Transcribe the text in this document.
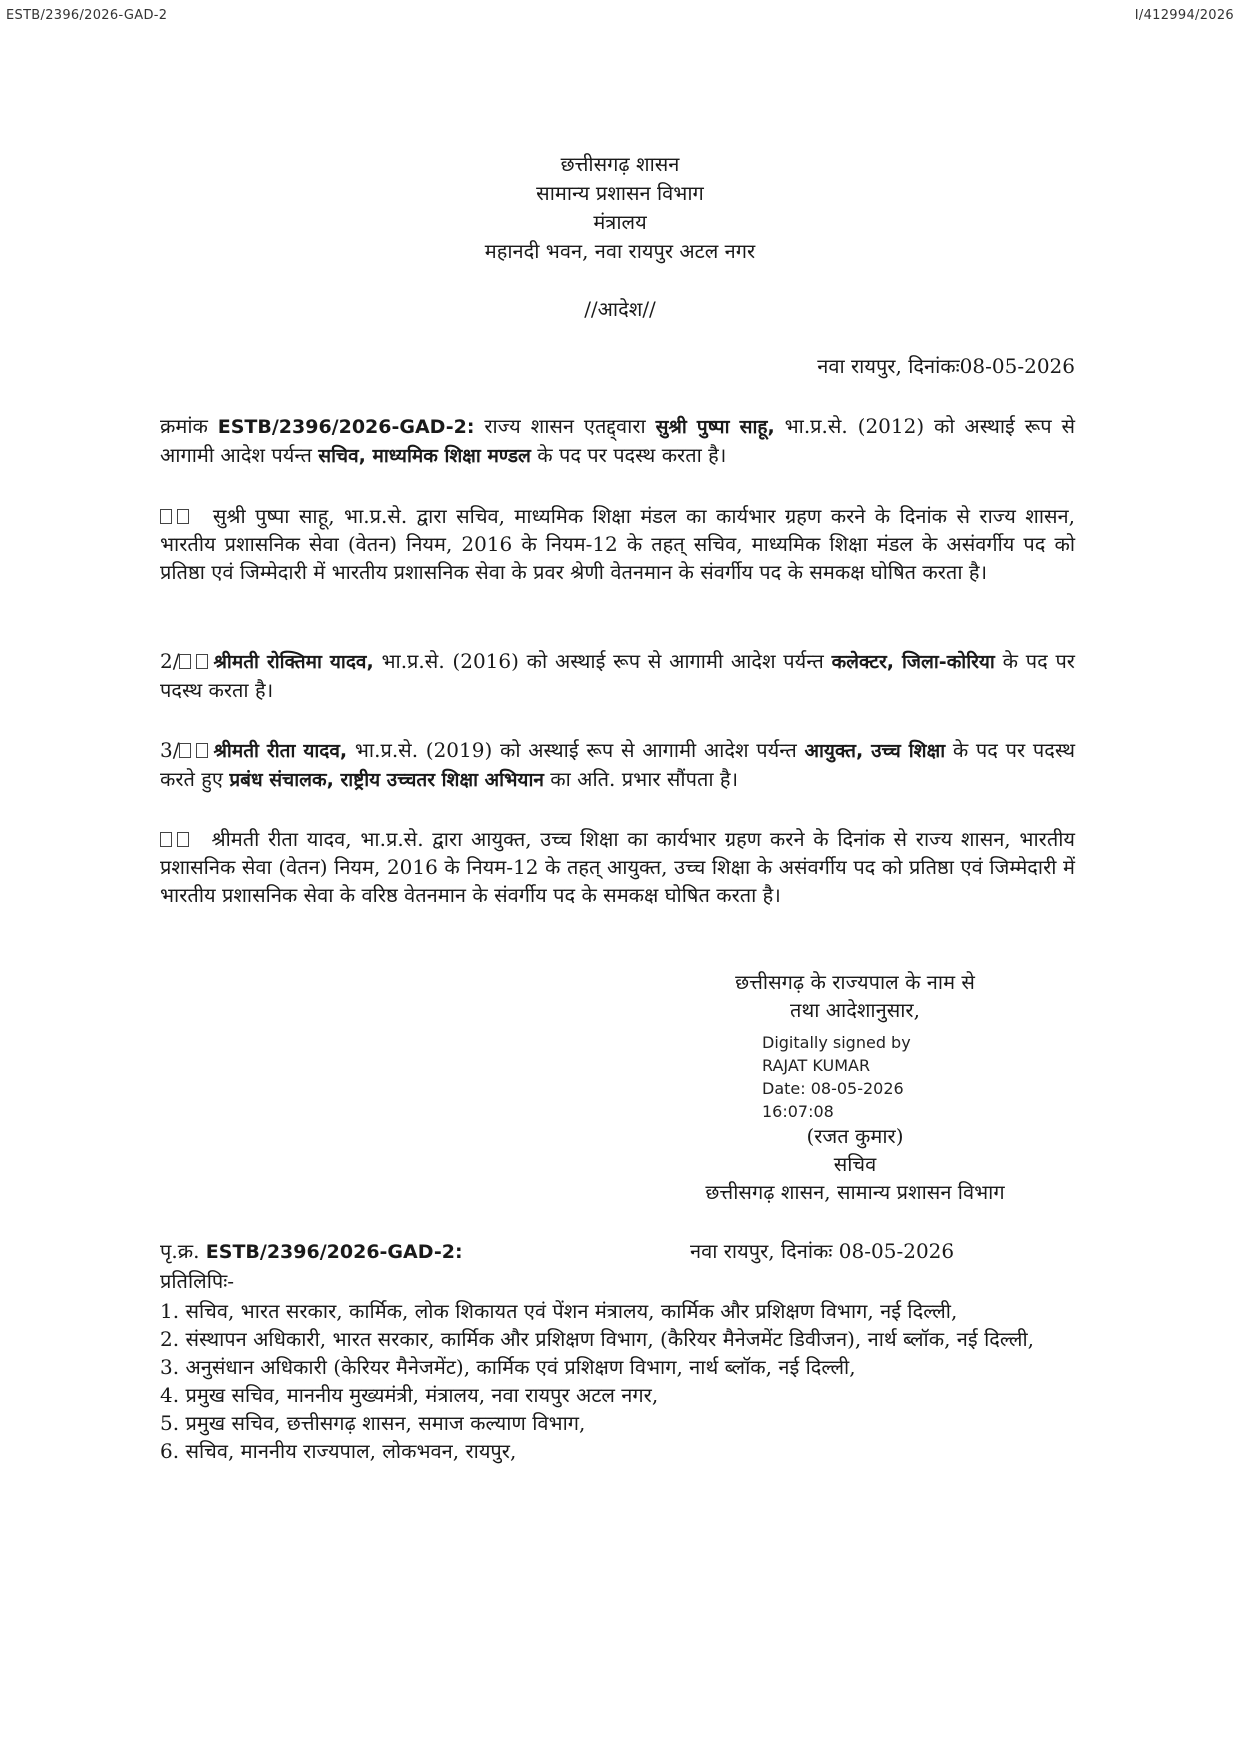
ESTB/2396/2026-GAD-2	I/412994/2026
छत्तीसगढ़ शासन
सामान्य प्रशासन विभाग
मंत्रालय
महानदी भवन, नवा रायपुर अटल नगर
//आदेश//
नवा रायपुर, दिनांकः08-05-2026
क्रमांक ESTB/2396/2026-GAD-2: राज्य शासन एतद्द्वारा सुश्री पुष्पा साहू, भा.प्र.से. (2012) को अस्थाई रूप से आगामी आदेश पर्यन्त सचिव, माध्यमिक शिक्षा मण्डल के पद पर पदस्थ करता है।
सुश्री पुष्पा साहू, भा.प्र.से. द्वारा सचिव, माध्यमिक शिक्षा मंडल का कार्यभार ग्रहण करने के दिनांक से राज्य शासन, भारतीय प्रशासनिक सेवा (वेतन) नियम, 2016 के नियम-12 के तहत् सचिव, माध्यमिक शिक्षा मंडल के असंवर्गीय पद को प्रतिष्ठा एवं जिम्मेदारी में भारतीय प्रशासनिक सेवा के प्रवर श्रेणी वेतनमान के संवर्गीय पद के समकक्ष घोषित करता है।
2/ श्रीमती रोक्तिमा यादव, भा.प्र.से. (2016) को अस्थाई रूप से आगामी आदेश पर्यन्त कलेक्टर, जिला-कोरिया के पद पर पदस्थ करता है।
3/ श्रीमती रीता यादव, भा.प्र.से. (2019) को अस्थाई रूप से आगामी आदेश पर्यन्त आयुक्त, उच्च शिक्षा के पद पर पदस्थ करते हुए प्रबंध संचालक, राष्ट्रीय उच्चतर शिक्षा अभियान का अति. प्रभार सौंपता है।
श्रीमती रीता यादव, भा.प्र.से. द्वारा आयुक्त, उच्च शिक्षा का कार्यभार ग्रहण करने के दिनांक से राज्य शासन, भारतीय प्रशासनिक सेवा (वेतन) नियम, 2016 के नियम-12 के तहत् आयुक्त, उच्च शिक्षा के असंवर्गीय पद को प्रतिष्ठा एवं जिम्मेदारी में भारतीय प्रशासनिक सेवा के वरिष्ठ वेतनमान के संवर्गीय पद के समकक्ष घोषित करता है।
छत्तीसगढ़ के राज्यपाल के नाम से
तथा आदेशानुसार,
Digitally signed by
RAJAT KUMAR
Date: 08-05-2026
16:07:08
(रजत कुमार)
सचिव
छत्तीसगढ़ शासन, सामान्य प्रशासन विभाग
पृ.क्र. ESTB/2396/2026-GAD-2:	नवा रायपुर, दिनांकः 08-05-2026
प्रतिलिपिः-
1. सचिव, भारत सरकार, कार्मिक, लोक शिकायत एवं पेंशन मंत्रालय, कार्मिक और प्रशिक्षण विभाग, नई दिल्ली,
2. संस्थापन अधिकारी, भारत सरकार, कार्मिक और प्रशिक्षण विभाग, (कैरियर मैनेजमेंट डिवीजन), नार्थ ब्लॉक, नई दिल्ली,
3. अनुसंधान अधिकारी (केरियर मैनेजमेंट), कार्मिक एवं प्रशिक्षण विभाग, नार्थ ब्लॉक, नई दिल्ली,
4. प्रमुख सचिव, माननीय मुख्यमंत्री, मंत्रालय, नवा रायपुर अटल नगर,
5. प्रमुख सचिव, छत्तीसगढ़ शासन, समाज कल्याण विभाग,
6. सचिव, माननीय राज्यपाल, लोकभवन, रायपुर,
